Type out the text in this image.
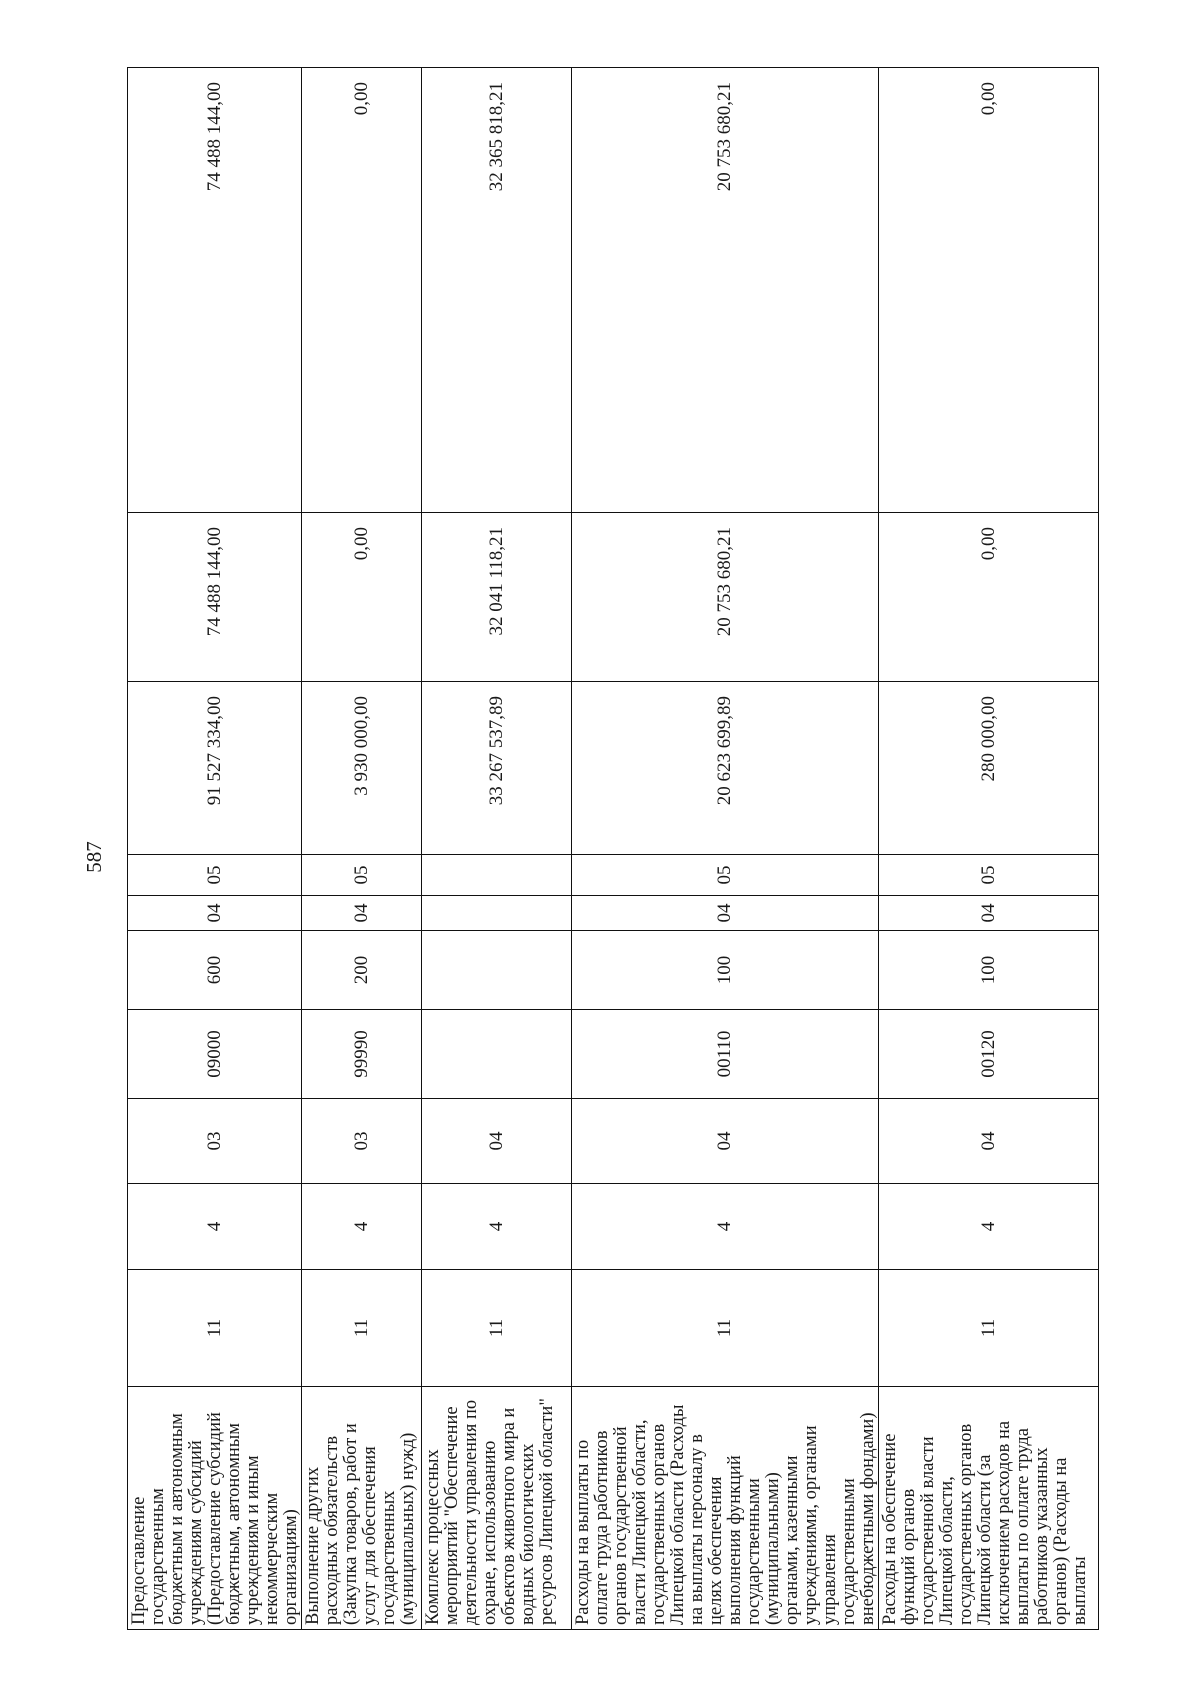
587
Предоставление государственным бюджетным и автономным учреждениям субсидий (Предоставление субсидий бюджетным, автономным учреждениям и иным некоммерческим организациям)	11	4	03	09000	600	04	05	91 527 334,00	74 488 144,00	74 488 144,00
Выполнение других расходных обязательств (Закупка товаров, работ и услуг для обеспечения государственных (муниципальных) нужд)	11	4	03	99990	200	04	05	3 930 000,00	0,00	0,00
Комплекс процессных мероприятий "Обеспечение деятельности управления по охране, использованию объектов животного мира и водных биологических ресурсов Липецкой области"	11	4	04					33 267 537,89	32 041 118,21	32 365 818,21
Расходы на выплаты по оплате труда работников органов государственной власти Липецкой области, государственных органов Липецкой области (Расходы на выплаты персоналу в целях обеспечения выполнения функций государственными (муниципальными) органами, казенными учреждениями, органами управления государственными внебюджетными фондами)	11	4	04	00110	100	04	05	20 623 699,89	20 753 680,21	20 753 680,21
Расходы на обеспечение функций органов государственной власти Липецкой области, государственных органов Липецкой области (за исключением расходов на выплаты по оплате труда работников указанных органов) (Расходы на выплаты	11	4	04	00120	100	04	05	280 000,00	0,00	0,00
